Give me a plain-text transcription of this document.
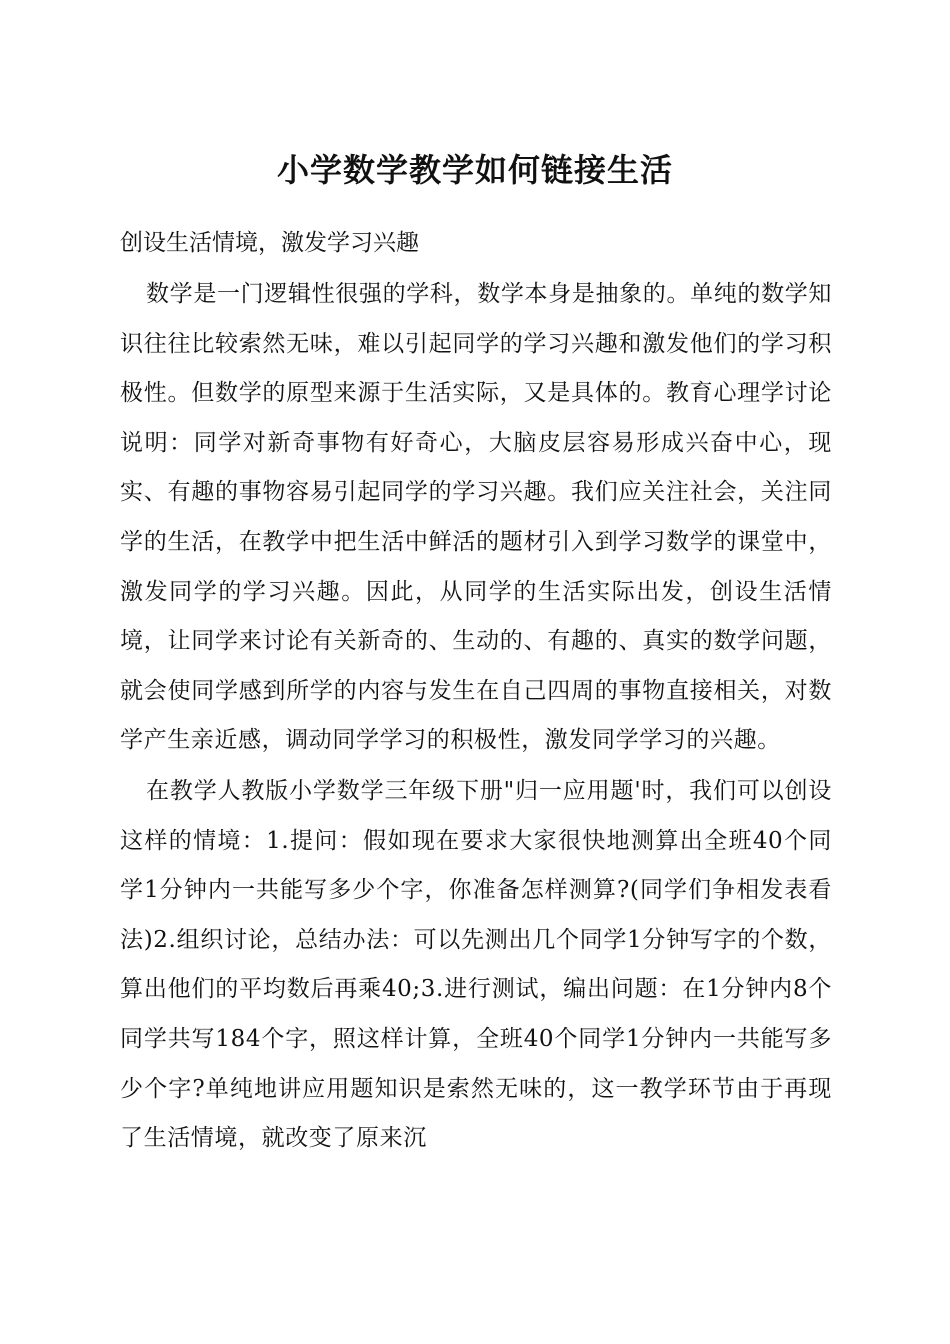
小学数学教学如何链接生活
创设生活情境，激发学习兴趣

数学是一门逻辑性很强的学科，数学本身是抽象的。单纯的数学知识往往比较索然无味，难以引起同学的学习兴趣和激发他们的学习积极性。但数学的原型来源于生活实际，又是具体的。教育心理学讨论说明：同学对新奇事物有好奇心，大脑皮层容易形成兴奋中心，现实、有趣的事物容易引起同学的学习兴趣。我们应关注社会，关注同学的生活，在教学中把生活中鲜活的题材引入到学习数学的课堂中，激发同学的学习兴趣。因此，从同学的生活实际出发，创设生活情境，让同学来讨论有关新奇的、生动的、有趣的、真实的数学问题，就会使同学感到所学的内容与发生在自己四周的事物直接相关，对数学产生亲近感，调动同学学习的积极性，激发同学学习的兴趣。

在教学人教版小学数学三年级下册"归一应用题'时，我们可以创设这样的情境：1.提问：假如现在要求大家很快地测算出全班40个同学1分钟内一共能写多少个字，你准备怎样测算?(同学们争相发表看法)2.组织讨论，总结办法：可以先测出几个同学1分钟写字的个数，算出他们的平均数后再乘40;3.进行测试，编出问题：在1分钟内8个同学共写184个字，照这样计算，全班40个同学1分钟内一共能写多少个字?单纯地讲应用题知识是索然无味的，这一教学环节由于再现了生活情境，就改变了原来沉
